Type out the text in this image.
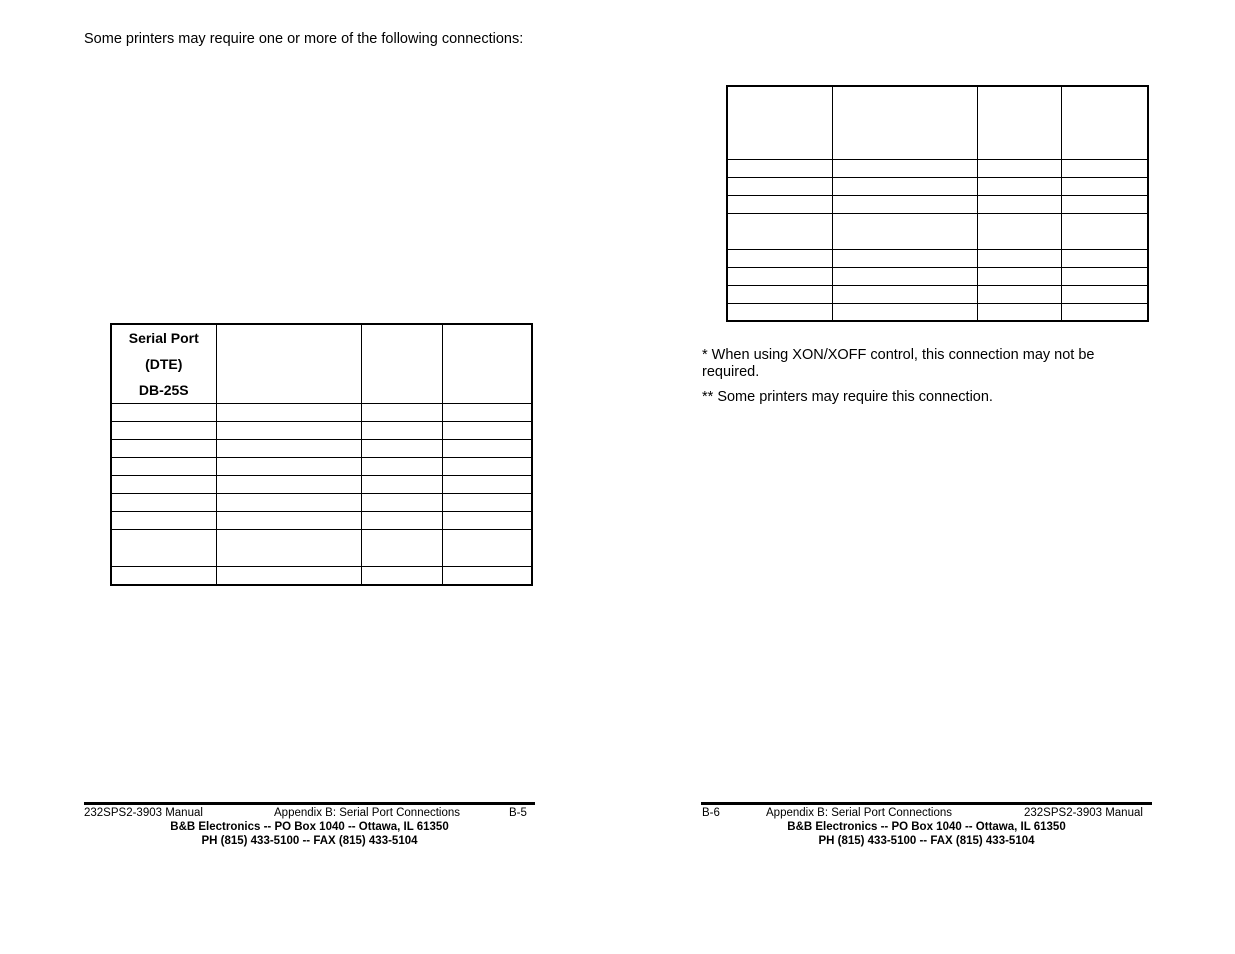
Some printers may require one or more of the following connections:
Serial Port
(DTE)
DB-25S			

232SPS2-3903 Manual	Appendix B: Serial Port Connections	B-5
B&B Electronics -- PO Box 1040 -- Ottawa, IL 61350
PH (815) 433-5100 -- FAX (815) 433-5104

* When using XON/XOFF control, this connection may not be required.
** Some printers may require this connection.
B-6	Appendix B: Serial Port Connections	232SPS2-3903 Manual
B&B Electronics -- PO Box 1040 -- Ottawa, IL 61350
PH (815) 433-5100 -- FAX (815) 433-5104
